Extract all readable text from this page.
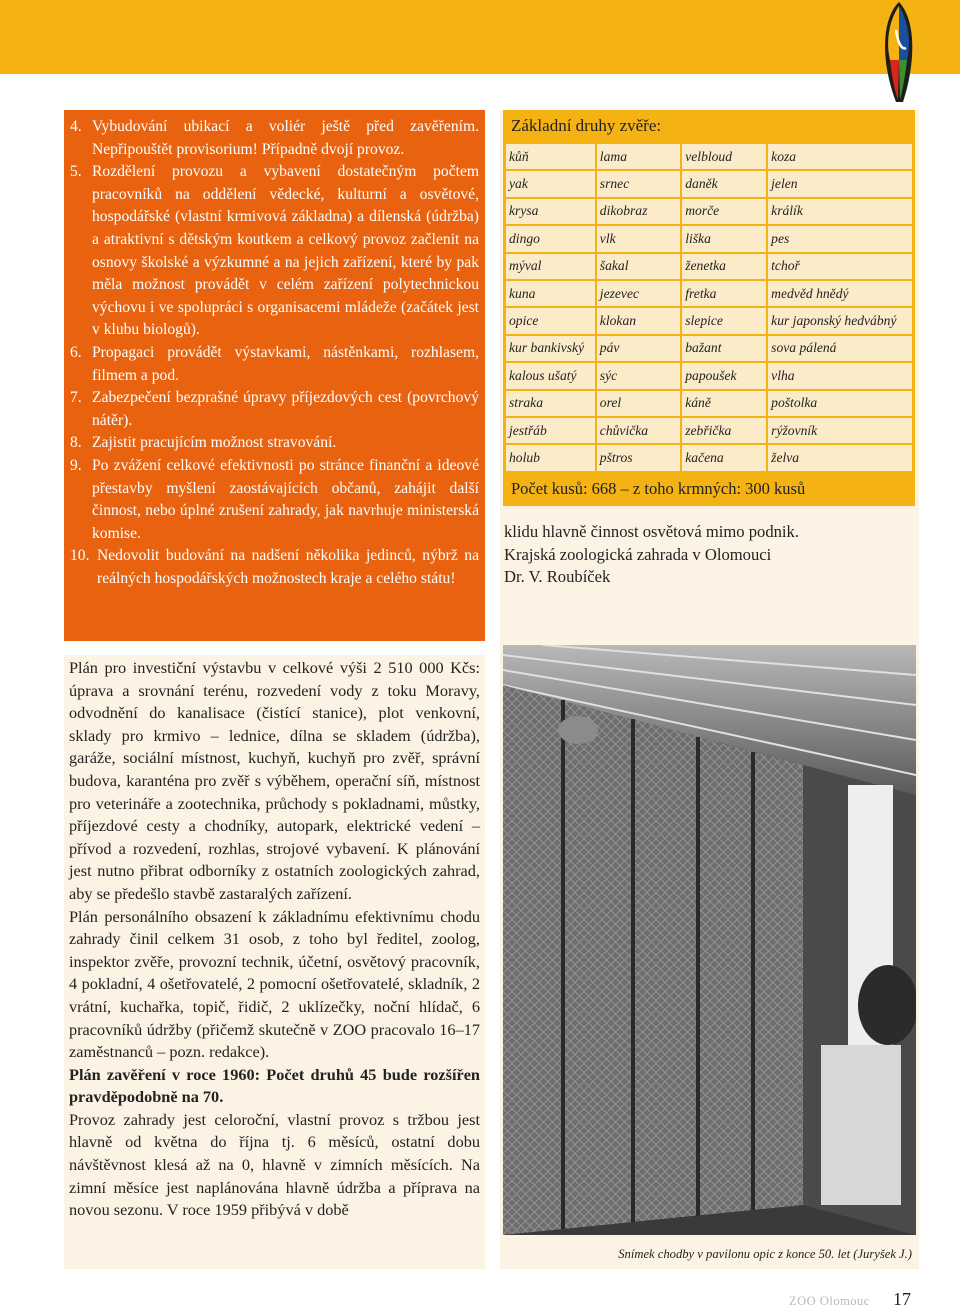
4. Vybudování ubikací a voliér ještě před zavěřením. Nepřipouštět provisorium! Případně dvojí provoz.
5. Rozdělení provozu a vybavení dostatečným počtem pracovníků na oddělení vědecké, kulturní a osvětové, hospodářské (vlastní krmivová základna) a dílenská (údržba) a atraktivní s dětským koutkem a celkový provoz začlenit na osnovy školské a výzkumné a na jejich zařízení, které by pak měla možnost provádět v celém zařízení polytechnickou výchovu i ve spolupráci s organisacemi mládeže (začátek jest v klubu biologů).
6. Propagaci provádět výstavkami, nástěnkami, rozhlasem, filmem a pod.
7. Zabezpečení bezprašné úpravy příjezdových cest (povrchový nátěr).
8. Zajistit pracujícím možnost stravování.
9. Po zvážení celkové efektivnosti po stránce finanční a ideové přestavby myšlení zaostávajících občanů, zahájit další činnost, nebo úplné zrušení zahrady, jak navrhuje ministerská komise.
10. Nedovolit budování na nadšení několika jedinců, nýbrž na reálných hospodářských možnostech kraje a celého státu!
Základní druhy zvěře:
kůň	lama	velbloud	koza
yak	srnec	daněk	jelen
krysa	dikobraz	morče	králík
dingo	vlk	liška	pes
mýval	šakal	ženetka	tchoř
kuna	jezevec	fretka	medvěd hnědý
opice	klokan	slepice	kur japonský hedvábný
kur bankivský	páv	bažant	sova pálená
kalous ušatý	sýc	papoušek	vlha
straka	orel	káně	poštolka
jestřáb	chůvička	zebřička	rýžovník
holub	pštros	kačena	želva
Počet kusů: 668 – z toho krmných: 300 kusů
klidu hlavně činnost osvětová mimo podnik.
Krajská zoologická zahrada v Olomouci
Dr. V. Roubíček

Plán pro investiční výstavbu v celkové výši 2 510 000 Kčs: úprava a srovnání terénu, rozvedení vody z toku Moravy, odvodnění do kanalisace (čistící stanice), plot venkovní, sklady pro krmivo – lednice, dílna se skladem (údržba), garáže, sociální místnost, kuchyň, kuchyň pro zvěř, správní budova, karanténa pro zvěř s výběhem, operační síň, místnost pro veterináře a zootechnika, průchody s pokladnami, můstky, příjezdové cesty a chodníky, autopark, elektrické vedení – přívod a rozvedení, rozhlas, strojové vybavení. K plánování jest nutno přibrat odborníky z ostatních zoologických zahrad, aby se předešlo stavbě zastaralých zařízení.

Plán personálního obsazení k základnímu efektivnímu chodu zahrady činil celkem 31 osob, z toho byl ředitel, zoolog, inspektor zvěře, provozní technik, účetní, osvětový pracovník, 4 pokladní, 4 ošetřovatelé, 2 pomocní ošetřovatelé, skladník, 2 vrátní, kuchařka, topič, řidič, 2 uklízečky, noční hlídač, 6 pracovníků údržby (přičemž skutečně v ZOO pracovalo 16–17 zaměstnanců – pozn. redakce).

Plán zavěření v roce 1960: Počet druhů 45 bude rozšířen pravděpodobně na 70.

Provoz zahrady jest celoroční, vlastní provoz s tržbou jest hlavně od května do října tj. 6 měsíců, ostatní dobu návštěvnost klesá až na 0, hlavně v zimních měsících. Na zimní měsíce jest naplánována hlavně údržba a příprava na novou sezonu. V roce 1959 přibývá v době

Snímek chodby v pavilonu opic z konce 50. let (Juryšek J.)
ZOO Olomouc 17
